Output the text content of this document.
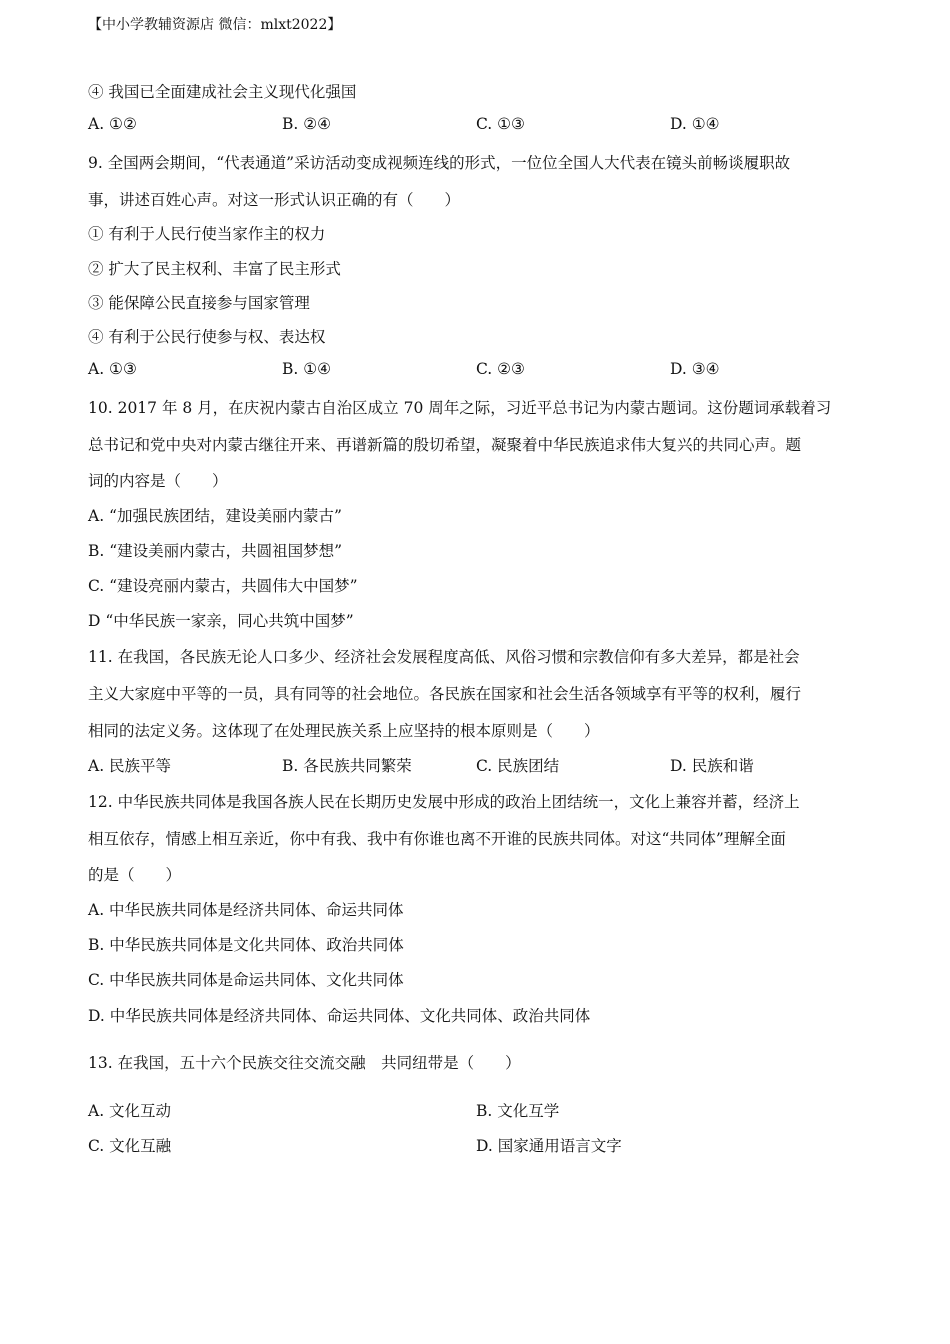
【中小学教辅资源店 微信：mlxt2022】
④ 我国已全面建成社会主义现代化强国
A. ①②	B. ②④	C. ①③	D. ①④
9. 全国两会期间，“代表通道”采访活动变成视频连线的形式，一位位全国人大代表在镜头前畅谈履职故
事，讲述百姓心声。对这一形式认识正确的有（　　）
① 有利于人民行使当家作主的权力
② 扩大了民主权利、丰富了民主形式
③ 能保障公民直接参与国家管理
④ 有利于公民行使参与权、表达权
A. ①③	B. ①④	C. ②③	D. ③④
10. 2017 年 8 月，在庆祝内蒙古自治区成立 70 周年之际，习近平总书记为内蒙古题词。这份题词承载着习
总书记和党中央对内蒙古继往开来、再谱新篇的殷切希望，凝聚着中华民族追求伟大复兴的共同心声。题
词的内容是（　　）
A. “加强民族团结，建设美丽内蒙古”
B. “建设美丽内蒙古，共圆祖国梦想”
C. “建设亮丽内蒙古，共圆伟大中国梦”
D “中华民族一家亲，同心共筑中国梦”
11. 在我国，各民族无论人口多少、经济社会发展程度高低、风俗习惯和宗教信仰有多大差异，都是社会
主义大家庭中平等的一员，具有同等的社会地位。各民族在国家和社会生活各领域享有平等的权利，履行
相同的法定义务。这体现了在处理民族关系上应坚持的根本原则是（　　）
A. 民族平等	B. 各民族共同繁荣	C. 民族团结	D. 民族和谐
12. 中华民族共同体是我国各族人民在长期历史发展中形成的政治上团结统一，文化上兼容并蓄，经济上
相互依存，情感上相互亲近，你中有我、我中有你谁也离不开谁的民族共同体。对这“共同体”理解全面
的是（　　）
A. 中华民族共同体是经济共同体、命运共同体
B. 中华民族共同体是文化共同体、政治共同体
C. 中华民族共同体是命运共同体、文化共同体
D. 中华民族共同体是经济共同体、命运共同体、文化共同体、政治共同体
13. 在我国，五十六个民族交往交流交融　共同纽带是（　　）
A. 文化互动	B. 文化互学
C. 文化互融	D. 国家通用语言文字
